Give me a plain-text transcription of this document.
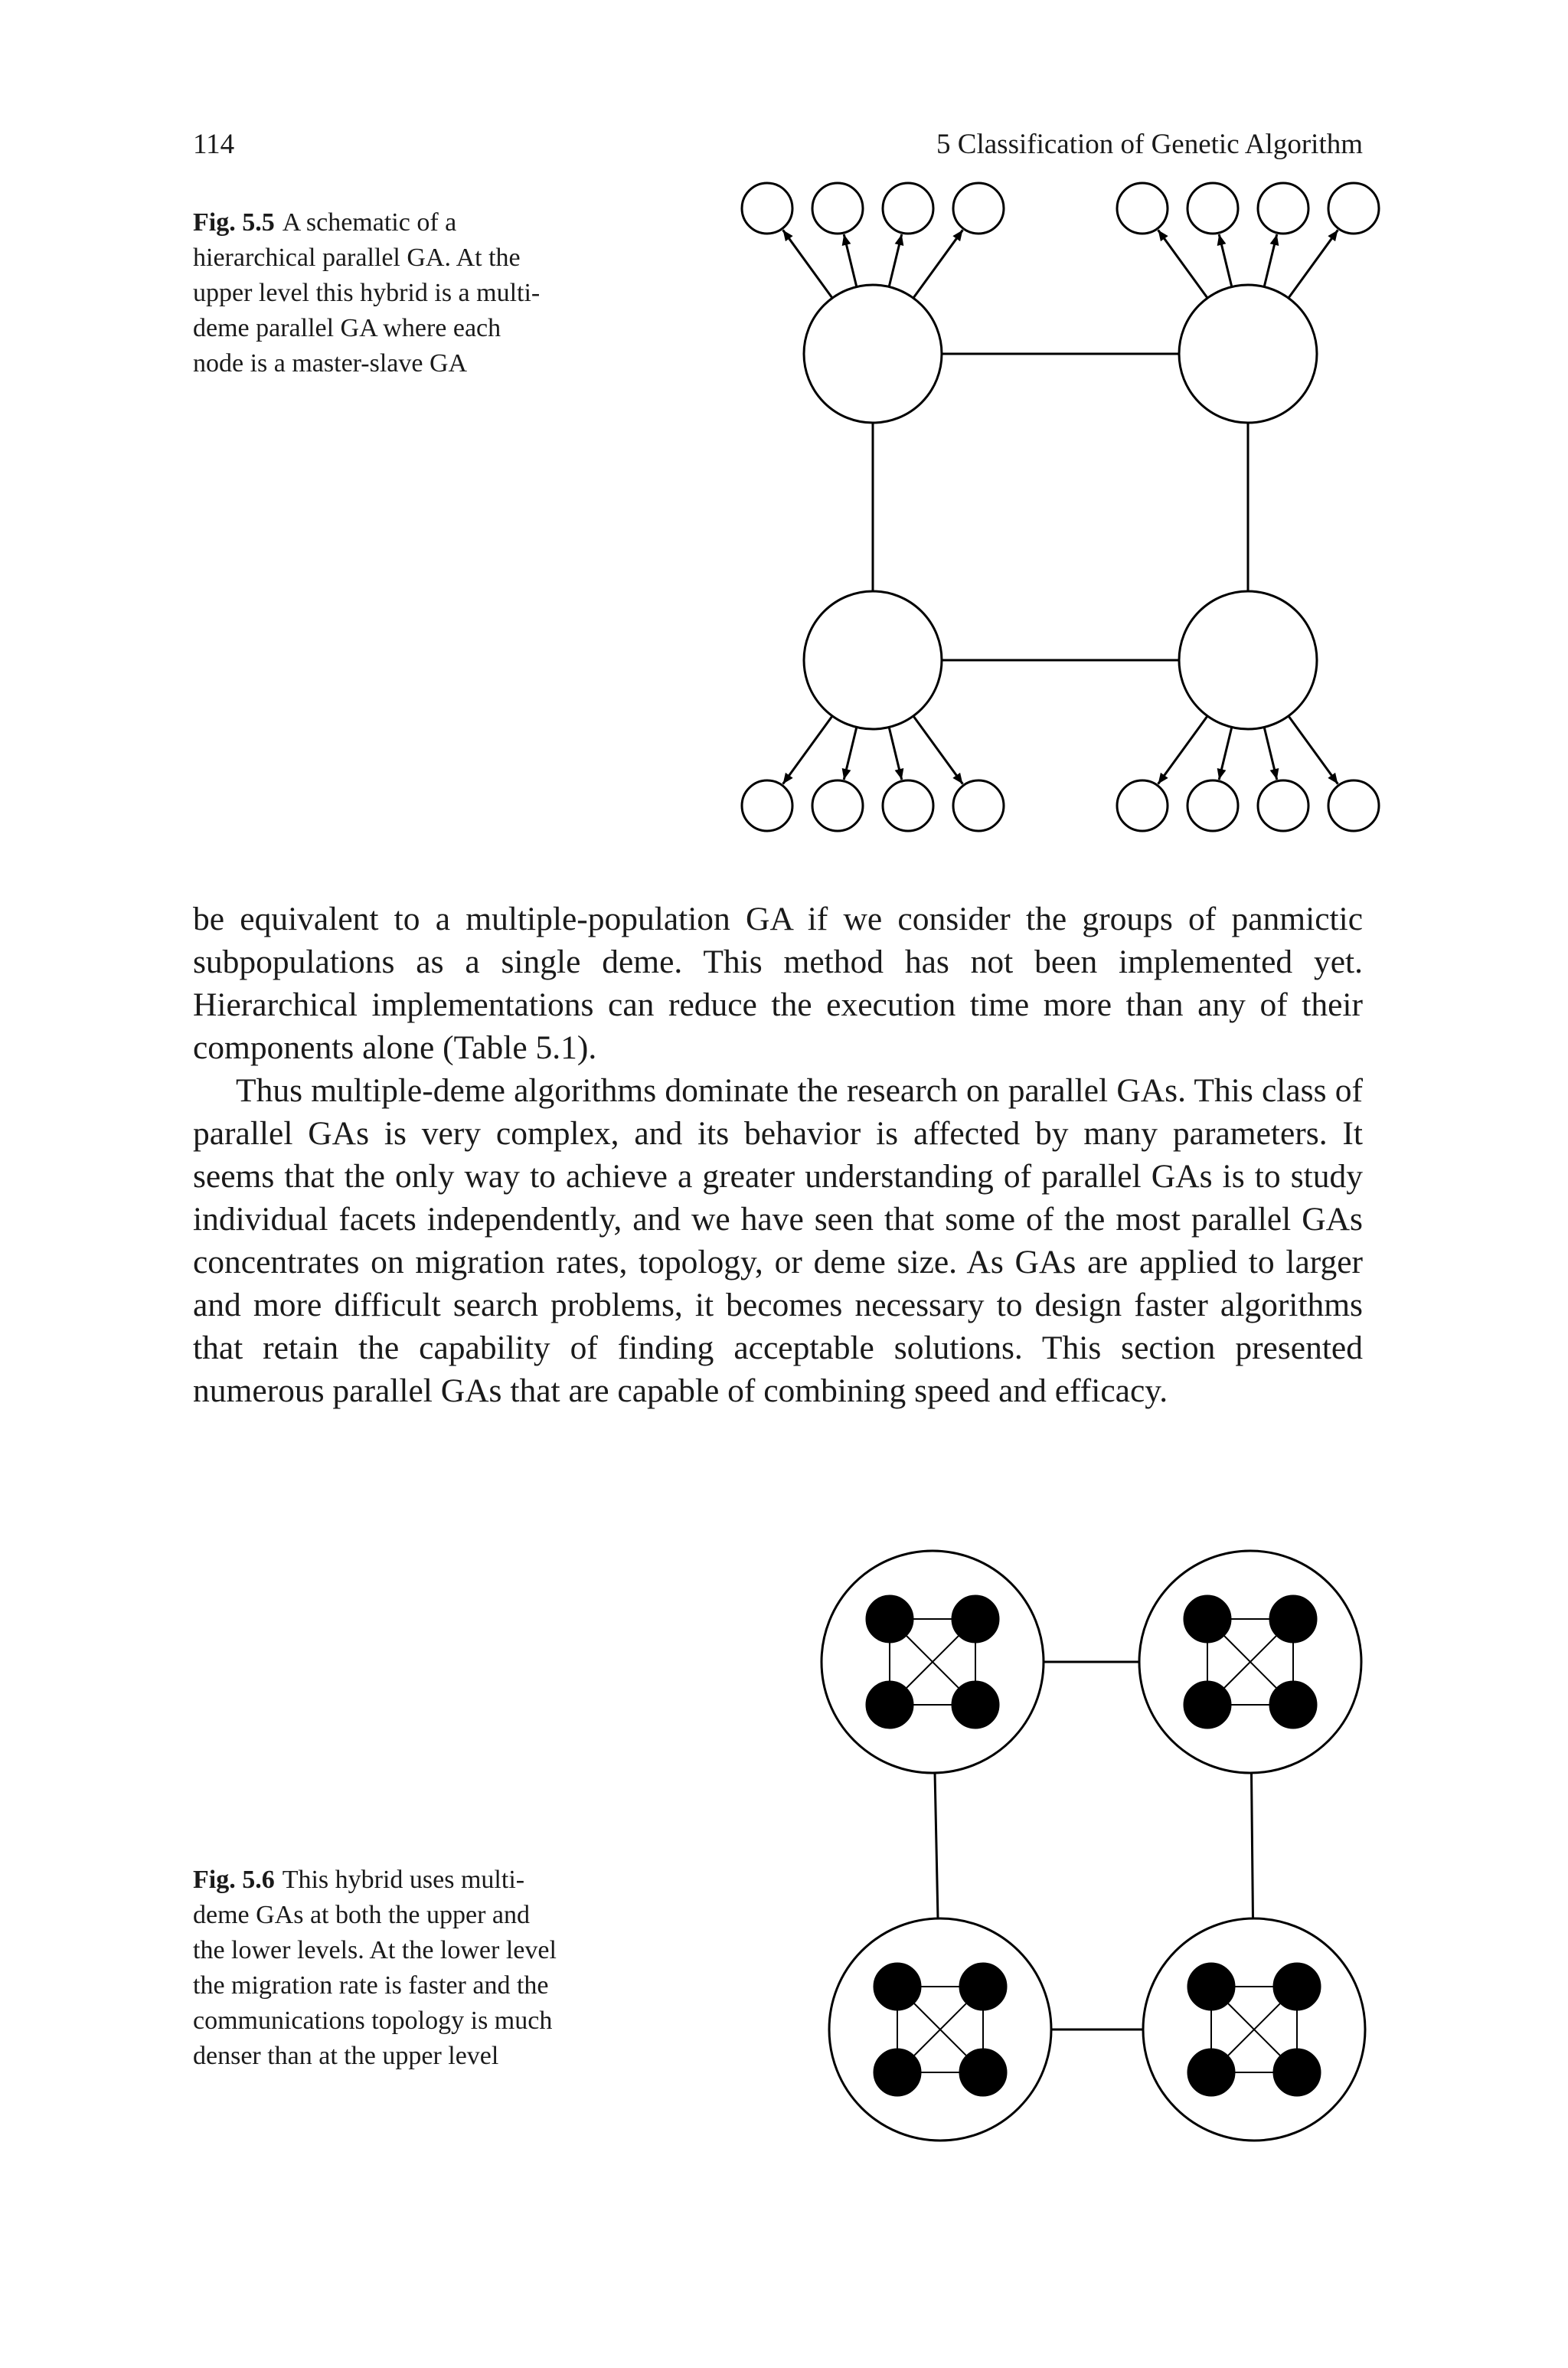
114	5 Classification of Genetic Algorithm
Fig. 5.5 A schematic of a hierarchical parallel GA. At the upper level this hybrid is a multi-deme parallel GA where each node is a master-slave GA

be equivalent to a multiple-population GA if we consider the groups of panmictic subpopulations as a single deme. This method has not been implemented yet. Hierarchical implementations can reduce the execution time more than any of their components alone (Table 5.1).

Thus multiple-deme algorithms dominate the research on parallel GAs. This class of parallel GAs is very complex, and its behavior is affected by many parameters. It seems that the only way to achieve a greater understanding of parallel GAs is to study individual facets independently, and we have seen that some of the most parallel GAs concentrates on migration rates, topology, or deme size. As GAs are applied to larger and more difficult search problems, it becomes necessary to design faster algorithms that retain the capability of finding acceptable solutions. This section presented numerous parallel GAs that are capable of combining speed and efficacy.

Fig. 5.6 This hybrid uses multi-deme GAs at both the upper and the lower levels. At the lower level the migration rate is faster and the communications topology is much denser than at the upper level
